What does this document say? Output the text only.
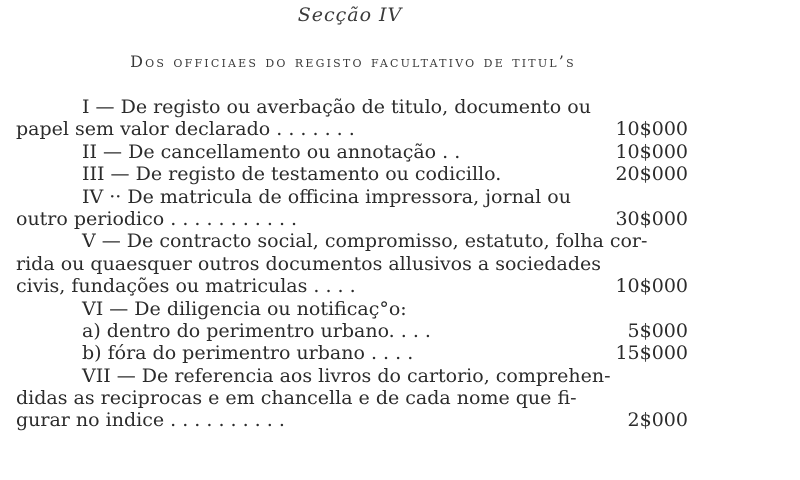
Secção IV
Dos officiaes do registo facultativo de titul’s
I — De registo ou averbação de titulo, documento ou
papel sem valor declarado . . . . . . .	10$000
II — De cancellamento ou annotação . .	10$000
III — De registo de testamento ou codicillo.	20$000
IV ·· De matricula de officina impressora, jornal ou
outro periodico . . . . . . . . . . .	30$000
V — De contracto social, compromisso, estatuto, folha cor-
rida ou quaesquer outros documentos allusivos a sociedades
civis, fundações ou matriculas . . . .	10$000
VI — De diligencia ou notificaç°o:
a) dentro do perimentro urbano. . . .	5$000
b) fóra do perimentro urbano . . . .	15$000
VII — De referencia aos livros do cartorio, comprehen-
didas as reciprocas e em chancella e de cada nome que fi-
gurar no indice . . . . . . . . . .	2$000
